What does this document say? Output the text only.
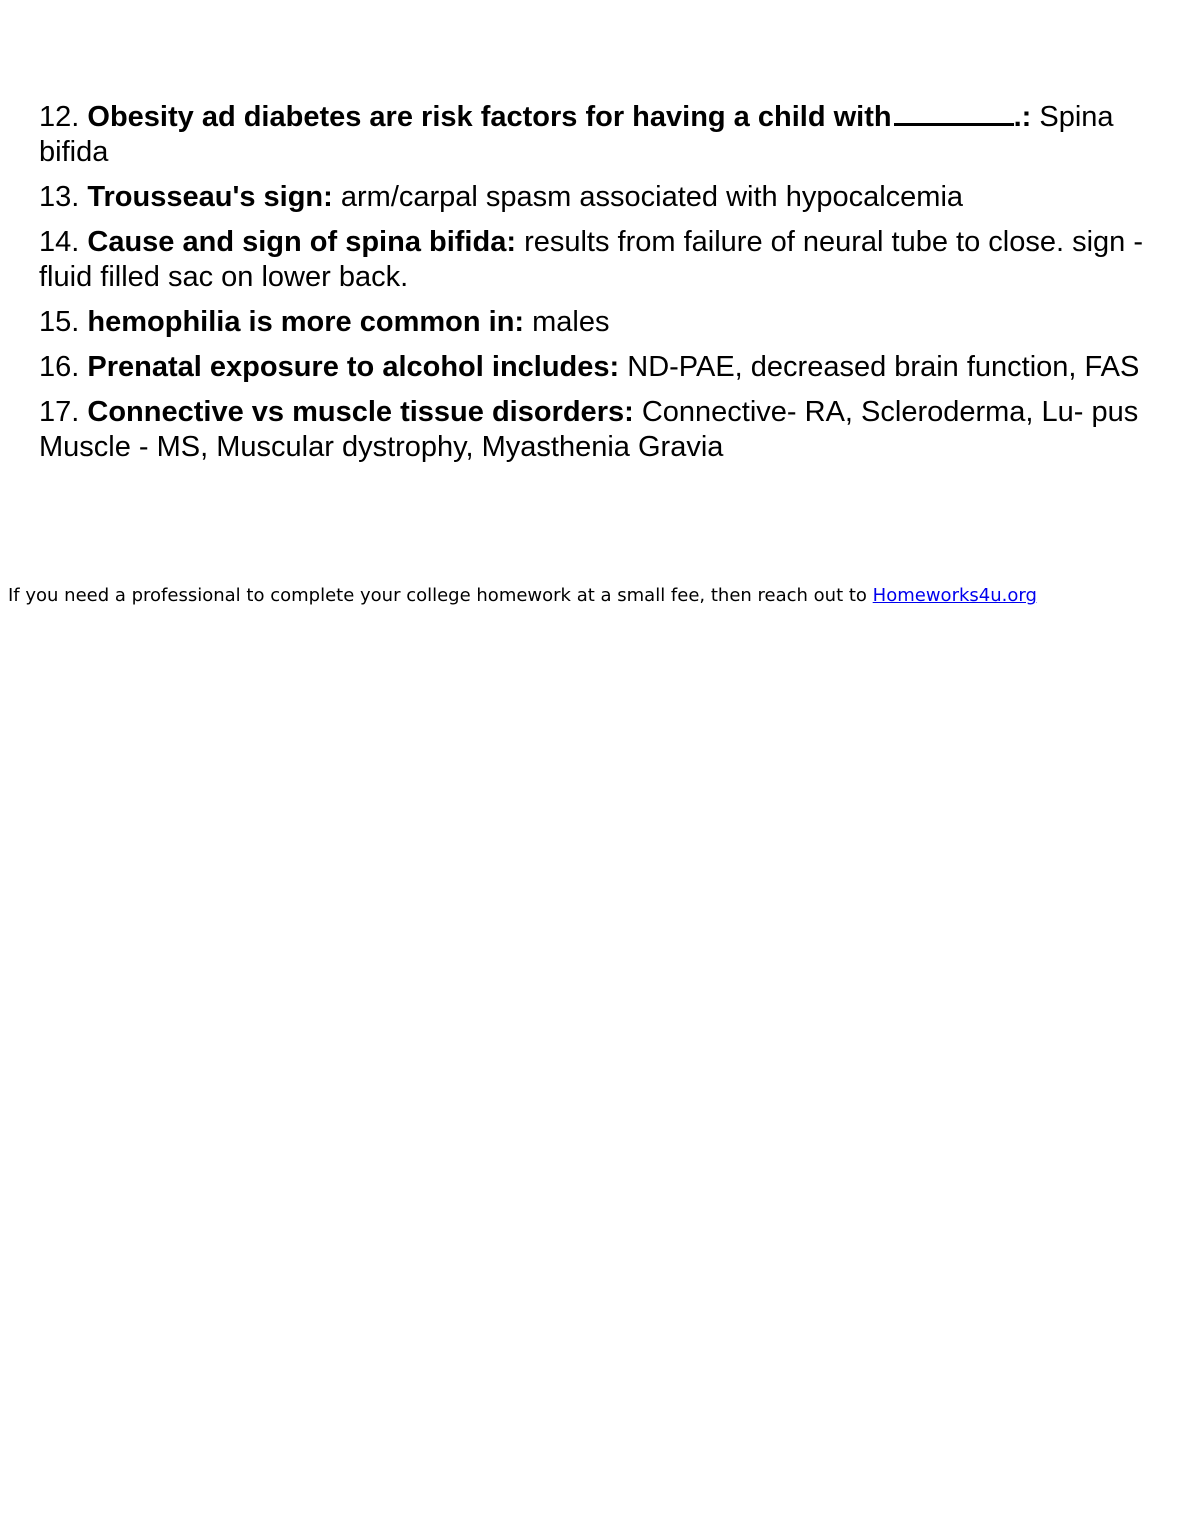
12. Obesity ad diabetes are risk factors for having a child with	.: Spina bifida
13. Trousseau's sign: arm/carpal spasm associated with hypocalcemia
14. Cause and sign of spina bifida: results from failure of neural tube to close. sign - fluid filled sac on lower back.
15. hemophilia is more common in: males
16. Prenatal exposure to alcohol includes: ND-PAE, decreased brain function, FAS
17. Connective vs muscle tissue disorders: Connective- RA, Scleroderma, Lu- pus
Muscle - MS, Muscular dystrophy, Myasthenia Gravia
If you need a professional to complete your college homework at a small fee, then reach out to Homeworks4u.org
